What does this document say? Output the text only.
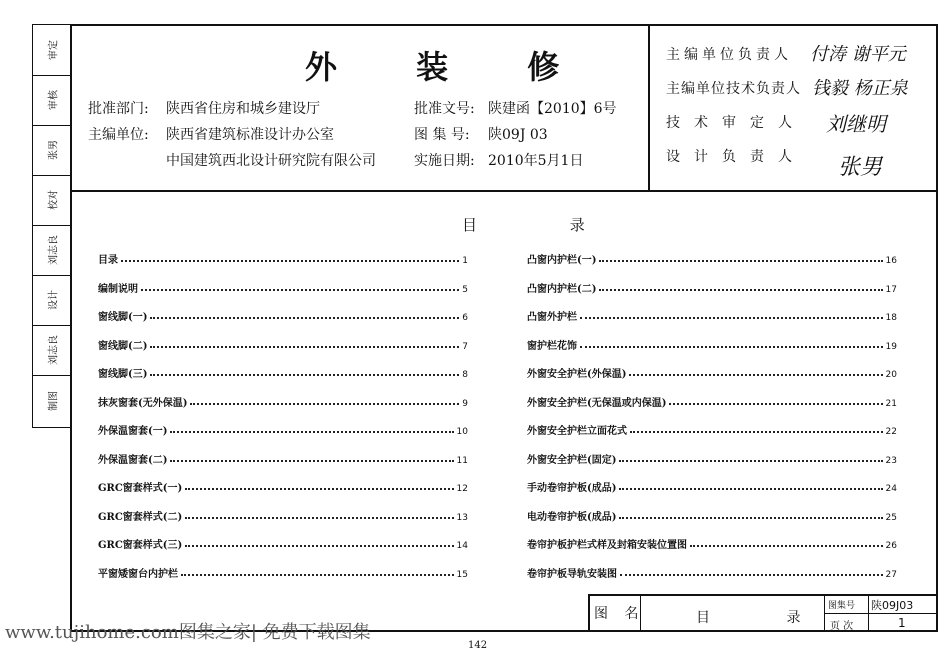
审定
审核
张男
校对
刘志良
设计
刘志良
制图
外 装 修
批准部门: 陕西省住房和城乡建设厅
主编单位: 陕西省建筑标准设计办公室
中国建筑西北设计研究院有限公司
批准文号: 陕建函【2010】6号
图 集 号: 陕09J 03
实施日期: 2010年5月1日
主编单位负责人 付涛 谢平元
主编单位技术负责人 钱毅 杨正泉
技术审定人 刘继明
设计负责人 张男
目 录
目录	1
编制说明	5
窗线脚(一)	6
窗线脚(二)	7
窗线脚(三)	8
抹灰窗套(无外保温)	9
外保温窗套(一)	10
外保温窗套(二)	11
GRC窗套样式(一)	12
GRC窗套样式(二)	13
GRC窗套样式(三)	14
平窗矮窗台内护栏	15
凸窗内护栏(一)	16
凸窗内护栏(二)	17
凸窗外护栏	18
窗护栏花饰	19
外窗安全护栏(外保温)	20
外窗安全护栏(无保温或内保温)	21
外窗安全护栏立面花式	22
外窗安全护栏(固定)	23
手动卷帘护板(成品)	24
电动卷帘护板(成品)	25
卷帘护板护栏式样及封箱安装位置图	26
卷帘护板导轨安装图	27
图 名	目 录
图集号 陕09J03
页 次	1
142
www.tujihome.com图集之家| 免费下载图集
